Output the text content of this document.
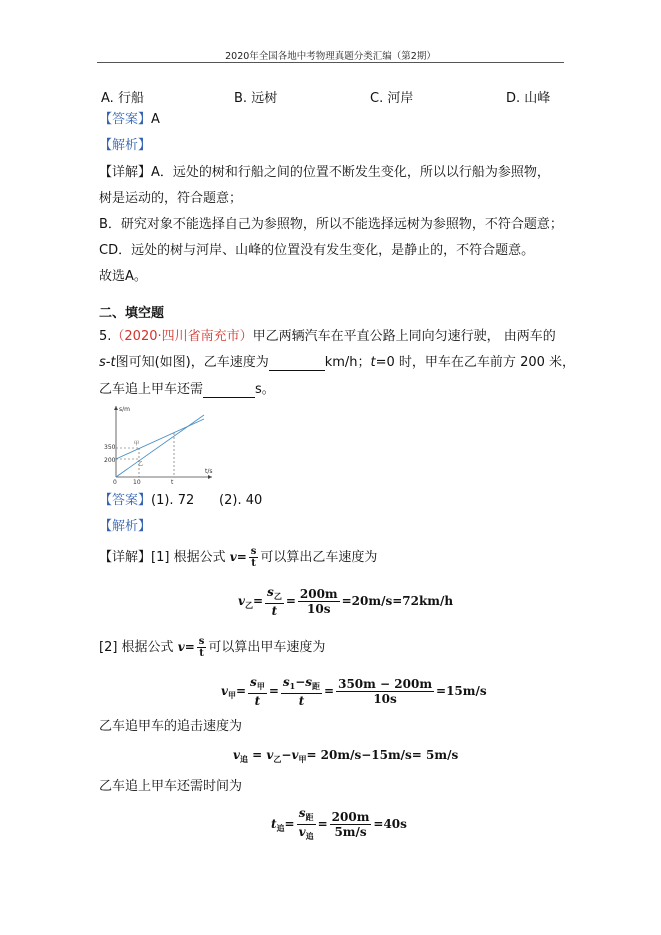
2020年全国各地中考物理真题分类汇编（第2期）
A. 行船	B. 远树	C. 河岸	D. 山峰
【答案】A
【解析】
【详解】A．远处的树和行船之间的位置不断发生变化，所以以行船为参照物，
树是运动的，符合题意；
B．研究对象不能选择自己为参照物，所以不能选择远树为参照物，不符合题意；
CD．远处的树与河岸、山峰的位置没有发生变化，是静止的，不符合题意。
故选A。
二、填空题
5.（2020·四川省南充市）甲乙两辆汽车在平直公路上同向匀速行驶， 由两车的
s-t图可知(如图)，乙车速度为	km/h；t=0 时，甲车在乙车前方 200 米，
乙车追上甲车还需	s。
s/m
t/s
350
200
0	10	t
甲
乙
【答案】(1). 72      (2). 40
【解析】
【详解】[1] 根据公式 $v= \frac{s}{t}$ 可以算出乙车速度为
$v_乙= \frac{s_乙}{t} = \frac{200m}{10s} =20m/s=72km/h$
[2] 根据公式 $v= \frac{s}{t}$ 可以算出甲车速度为
$v_甲= \frac{s_甲}{t} = \frac{s_1-s_距}{t} = \frac{350m - 200m}{10s} =15m/s$
乙车追甲车的追击速度为
$v_追 = v_乙-v_甲= 20m/s-15m/s= 5m/s$
乙车追上甲车还需时间为
$t_追= \frac{s_距}{v_追} = \frac{200m}{5m/s} =40s$
